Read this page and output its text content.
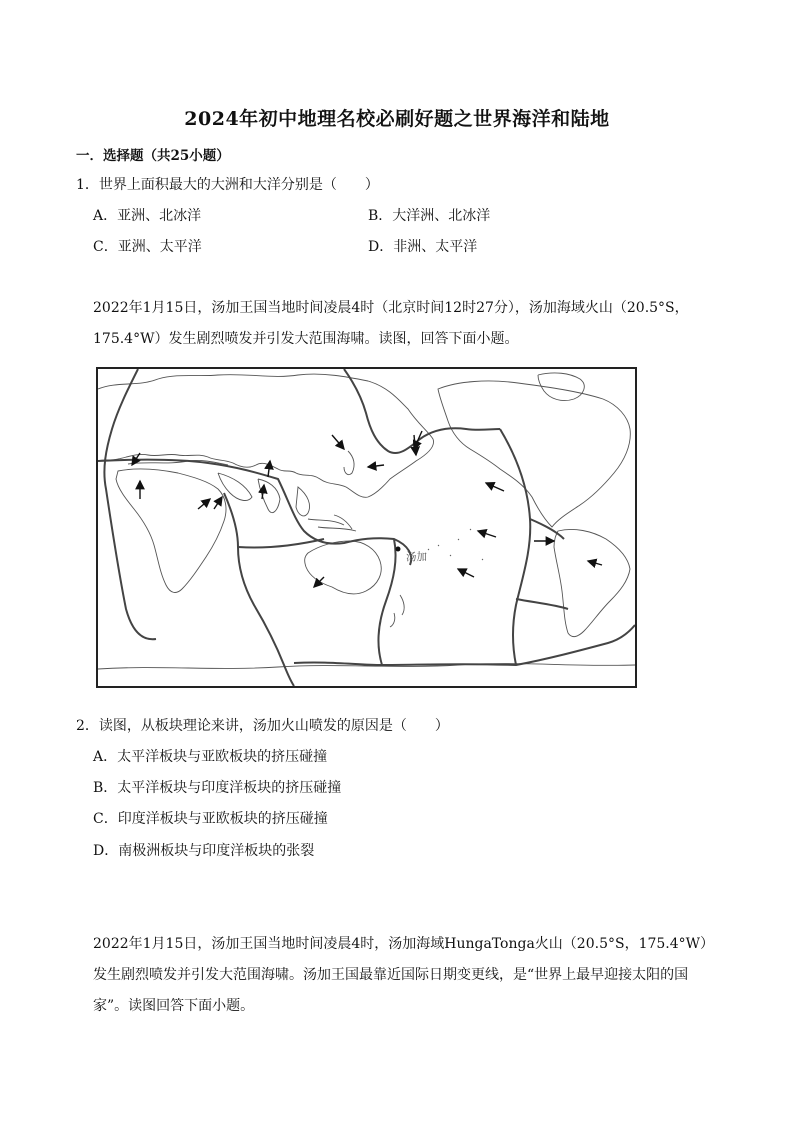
2024年初中地理名校必刷好题之世界海洋和陆地
一．选择题（共25小题）
1．世界上面积最大的大洲和大洋分别是（　　）
A．亚洲、北冰洋	B．大洋洲、北冰洋
C．亚洲、太平洋	D．非洲、太平洋
2022年1月15日，汤加王国当地时间凌晨4时（北京时间12时27分），汤加海域火山（20.5°S，175.4°W）发生剧烈喷发并引发大范围海啸。读图，回答下面小题。
汤加
2．读图，从板块理论来讲，汤加火山喷发的原因是（　　）
A．太平洋板块与亚欧板块的挤压碰撞
B．太平洋板块与印度洋板块的挤压碰撞
C．印度洋板块与亚欧板块的挤压碰撞
D．南极洲板块与印度洋板块的张裂
2022年1月15日，汤加王国当地时间凌晨4时，汤加海域HungaTonga火山（20.5°S，175.4°W）发生剧烈喷发并引发大范围海啸。汤加王国最靠近国际日期变更线，是“世界上最早迎接太阳的国家”。读图回答下面小题。
